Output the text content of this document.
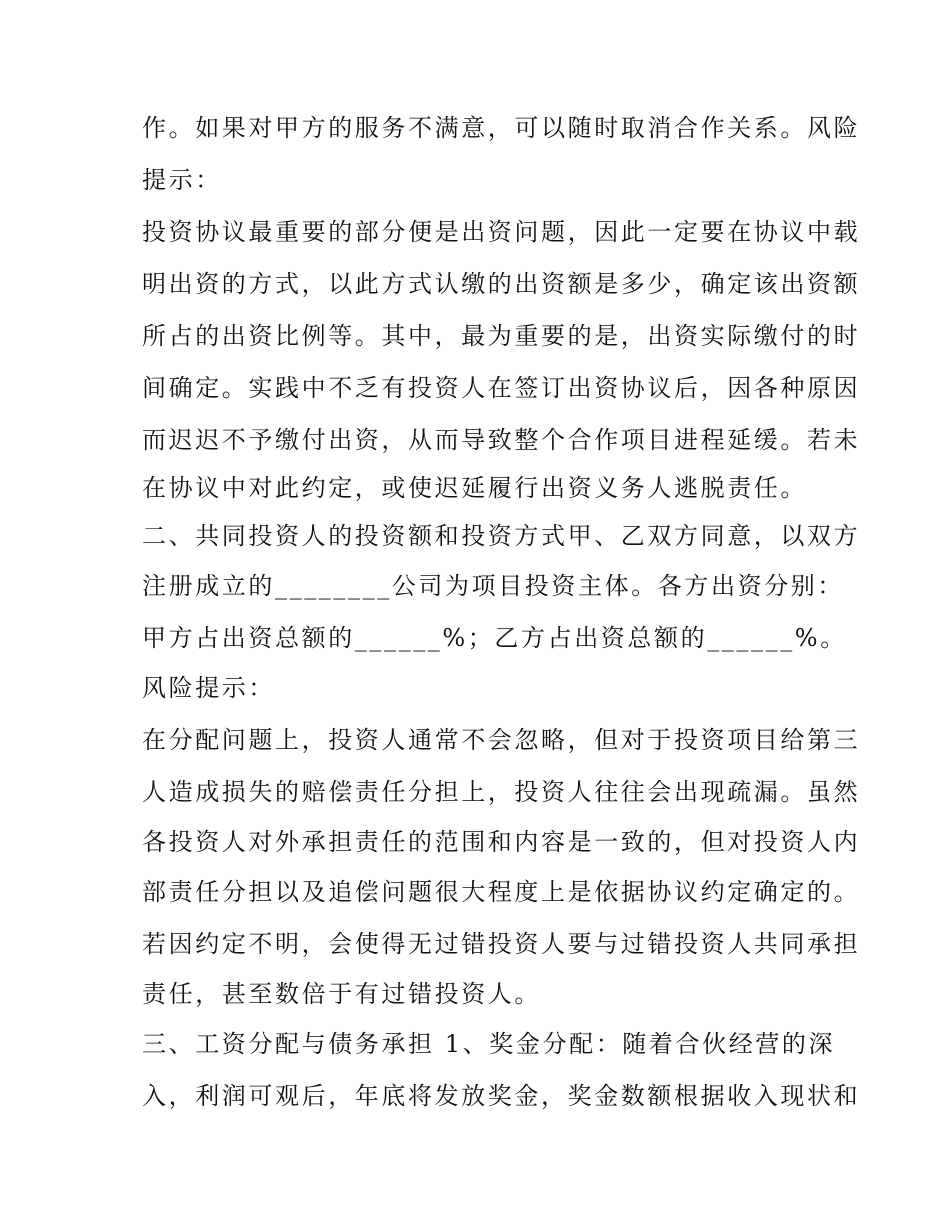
作。如果对甲方的服务不满意，可以随时取消合作关系。风险
提示：
投资协议最重要的部分便是出资问题，因此一定要在协议中载
明出资的方式，以此方式认缴的出资额是多少，确定该出资额
所占的出资比例等。其中，最为重要的是，出资实际缴付的时
间确定。实践中不乏有投资人在签订出资协议后，因各种原因
而迟迟不予缴付出资，从而导致整个合作项目进程延缓。若未
在协议中对此约定，或使迟延履行出资义务人逃脱责任。
二、共同投资人的投资额和投资方式甲、乙双方同意，以双方
注册成立的________公司为项目投资主体。各方出资分别：
甲方占出资总额的______%；乙方占出资总额的______%。
风险提示：
在分配问题上，投资人通常不会忽略，但对于投资项目给第三
人造成损失的赔偿责任分担上，投资人往往会出现疏漏。虽然
各投资人对外承担责任的范围和内容是一致的，但对投资人内
部责任分担以及追偿问题很大程度上是依据协议约定确定的。
若因约定不明，会使得无过错投资人要与过错投资人共同承担
责任，甚至数倍于有过错投资人。
三、工资分配与债务承担 1、奖金分配：随着合伙经营的深
入，利润可观后，年底将发放奖金，奖金数额根据收入现状和
